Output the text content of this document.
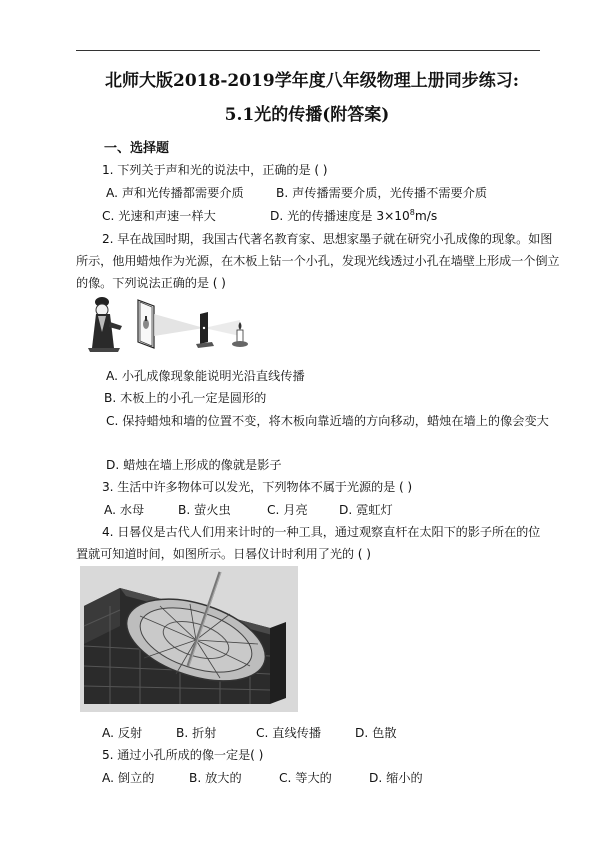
北师大版2018-2019学年度八年级物理上册同步练习:
5.1光的传播(附答案)
一、选择题
1. 下列关于声和光的说法中，正确的是 ( )
A. 声和光传播都需要介质	B. 声传播需要介质，光传播不需要介质
C. 光速和声速一样大	D. 光的传播速度是 $3\times 10^8m/s$
2. 早在战国时期，我国古代著名教育家、思想家墨子就在研究小孔成像的现象。如图
所示，他用蜡烛作为光源，在木板上钻一个小孔，发现光线透过小孔在墙壁上形成一个倒立
的像。下列说法正确的是 ( )
A. 小孔成像现象能说明光沿直线传播
B. 木板上的小孔一定是圆形的
C. 保持蜡烛和墙的位置不变，将木板向靠近墙的方向移动，蜡烛在墙上的像会变大
D. 蜡烛在墙上形成的像就是影子
3. 生活中许多物体可以发光，下列物体不属于光源的是 ( )
A. 水母	B. 萤火虫	C. 月亮	D. 霓虹灯
4. 日晷仪是古代人们用来计时的一种工具，通过观察直杆在太阳下的影子所在的位
置就可知道时间，如图所示。日晷仪计时利用了光的 ( )
A. 反射	B. 折射	C. 直线传播	D. 色散
5. 通过小孔所成的像一定是( )
A. 倒立的	B. 放大的	C. 等大的	D. 缩小的
